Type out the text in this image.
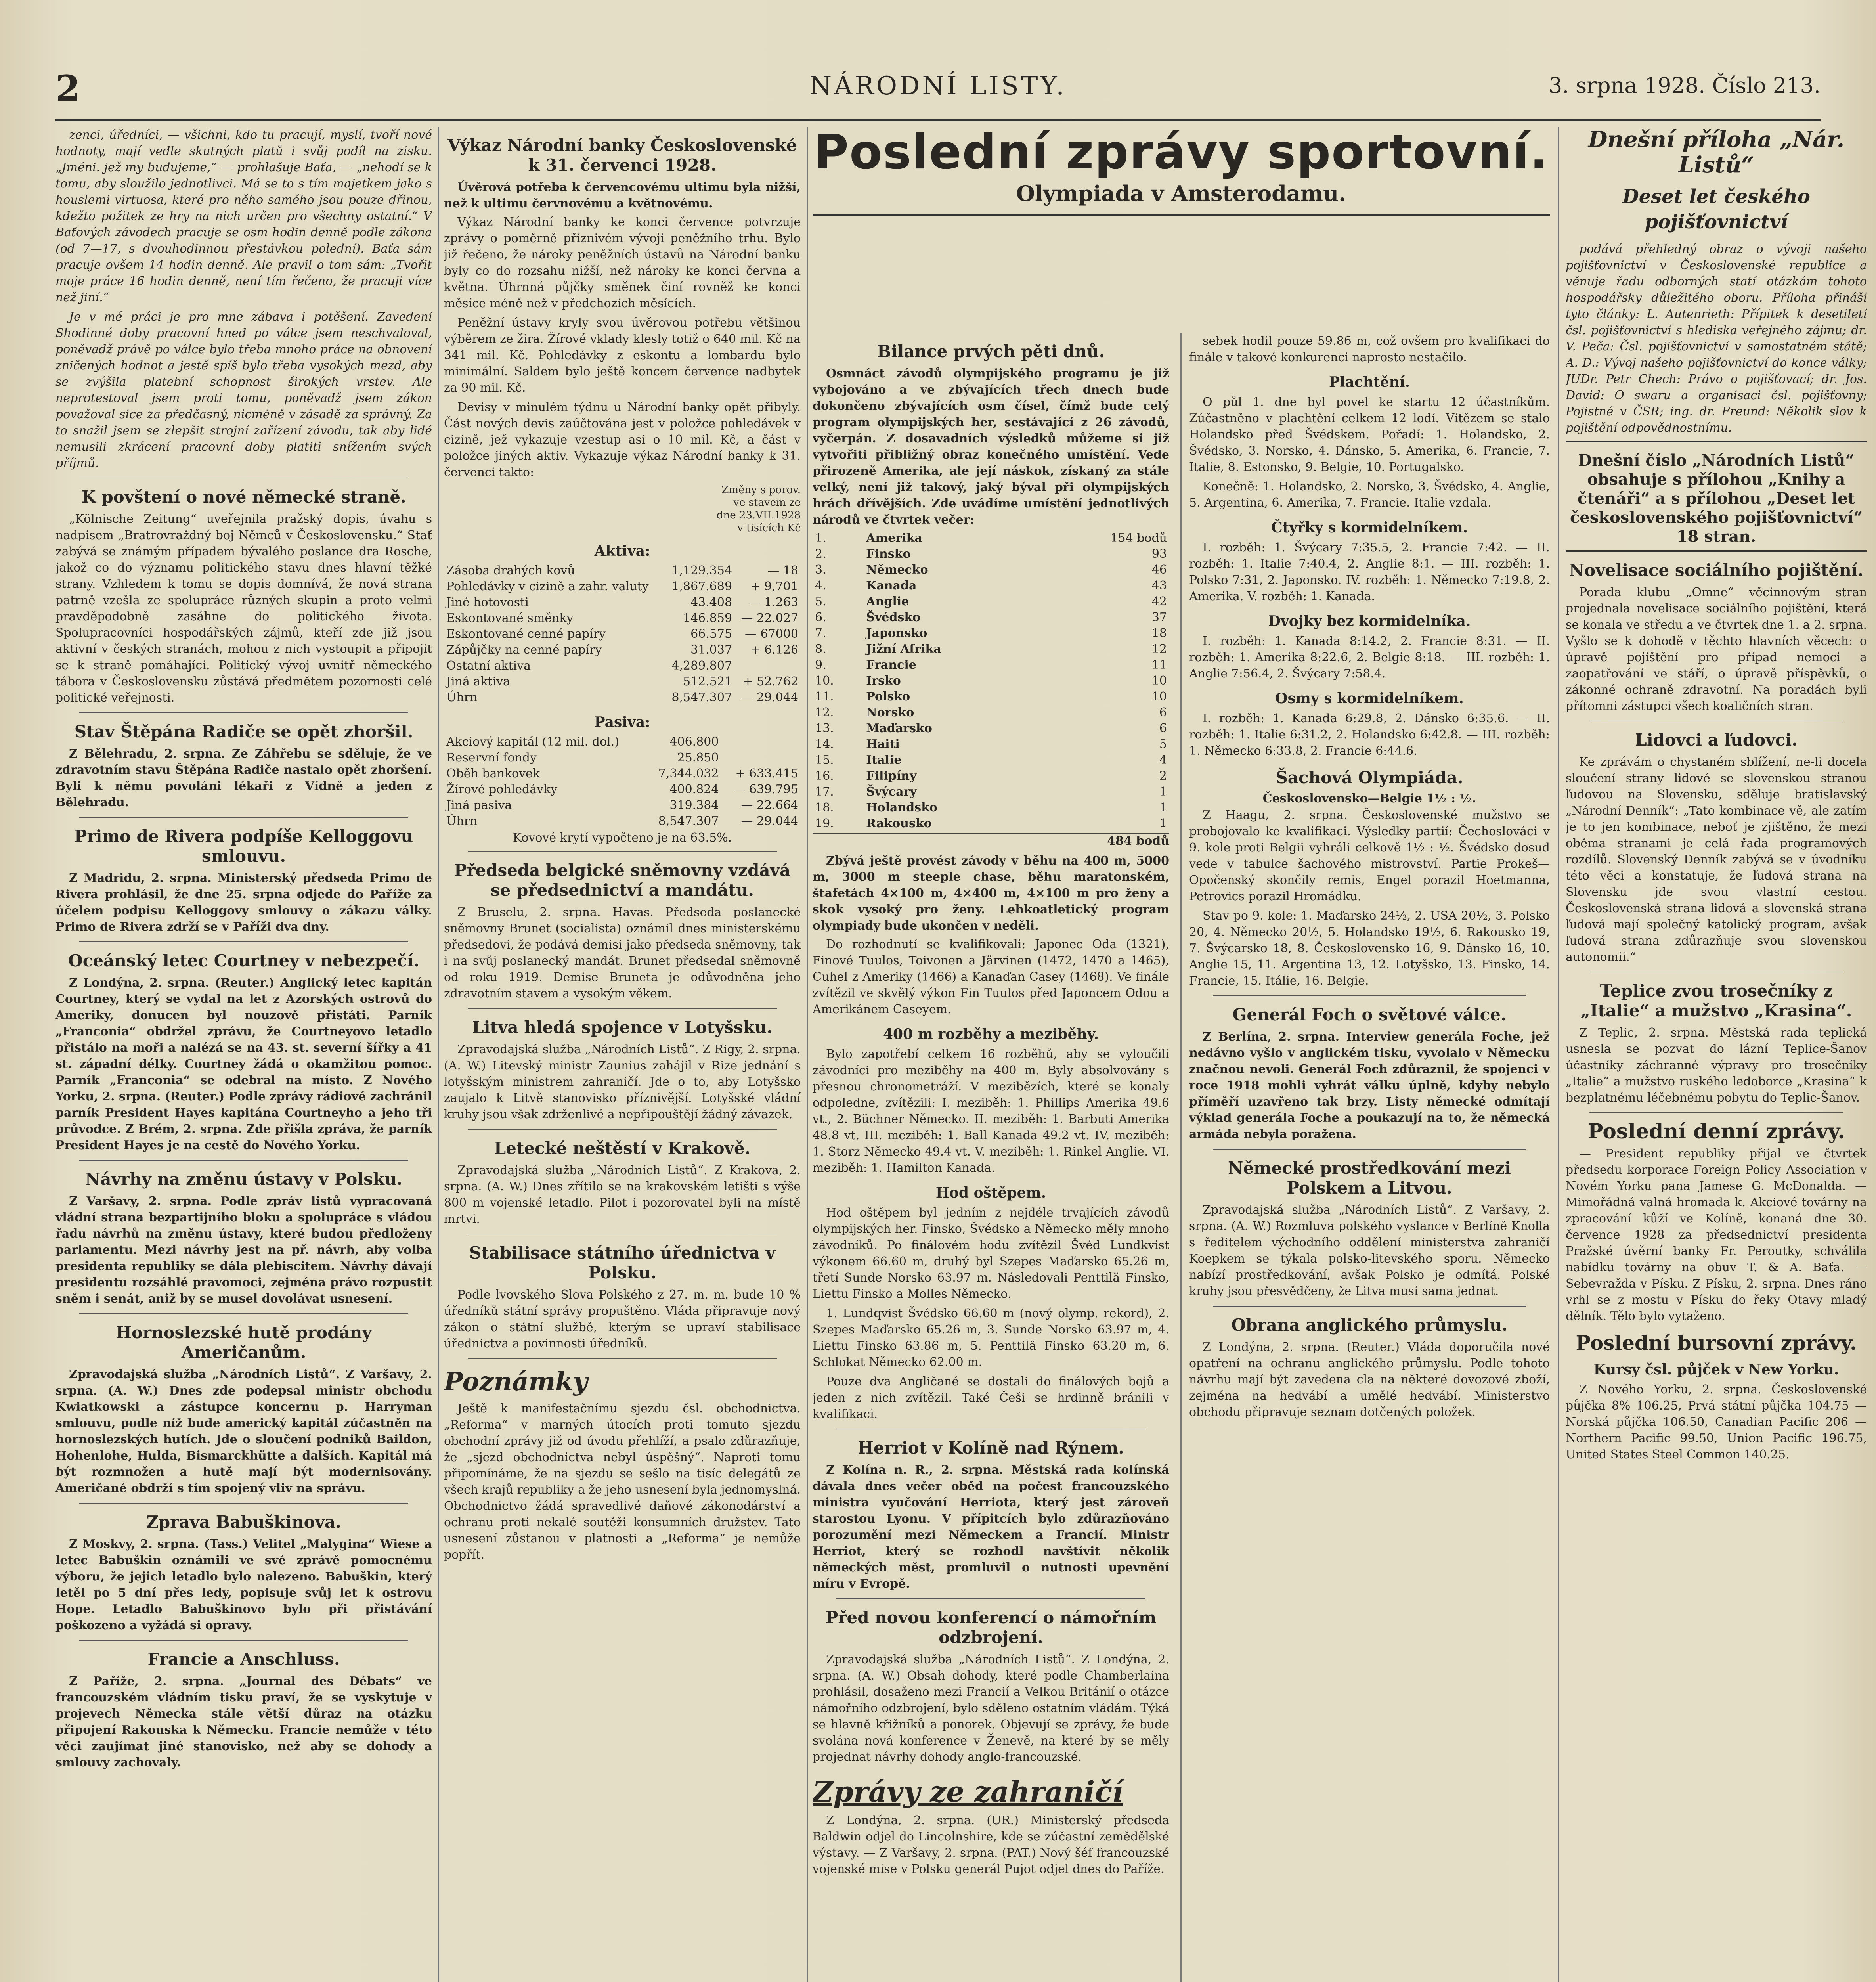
2	NÁRODNÍ LISTY.	3. srpna 1928. Číslo 213.

zenci, úředníci, — všichni, kdo tu pracují, myslí, tvoří nové hodnoty, mají vedle skutných platů i svůj podíl na zisku. „Jméni. jež my budujeme,“ — prohlašuje Baťa, — „nehodí se k tomu, aby sloužilo jednotlivci. Má se to s tím majetkem jako s houslemi virtuosa, které pro něho samého jsou pouze dřinou, kdežto požitek ze hry na nich určen pro všechny ostatní.“ V Baťových závodech pracuje se osm hodin denně podle zákona (od 7—17, s dvouhodinnou přestávkou polední). Baťa sám pracuje ovšem 14 hodin denně. Ale pravil o tom sám: „Tvořit moje práce 16 hodin denně, není tím řečeno, že pracuji více než jiní.“

Je v mé práci je pro mne zábava i potěšení. Zavedení Shodinné doby pracovní hned po válce jsem neschvaloval, poněvadž právě po válce bylo třeba mnoho práce na obnovení zničených hodnot a jestě spíš bylo třeba vysokých mezd, aby se zvýšila platební schopnost širokých vrstev. Ale neprotestoval jsem proti tomu, poněvadž jsem zákon považoval sice za předčasný, nicméně v zásadě za správný. Za to snažil jsem se zlepšit strojní zařízení závodu, tak aby lidé nemusili zkrácení pracovní doby platiti snížením svých příjmů.

K povštení o nové německé straně.

„Kölnische Zeitung“ uveřejnila pražský dopis, úvahu s nadpisem „Bratrovraždný boj Němců v Československu.“ Stať zabývá se známým případem bývalého poslance dra Rosche, jakož co do významu politického stavu dnes hlavní těžké strany. Vzhledem k tomu se dopis domnívá, že nová strana patrně vzešla ze spolupráce různých skupin a proto velmi pravděpodobně zasáhne do politického života. Spolupracovníci hospodářských zájmů, kteří zde již jsou aktivní v českých stranách, mohou z nich vystoupit a připojit se k straně pomáhající. Politický vývoj uvnitř německého tábora v Československu zůstává předmětem pozornosti celé politické veřejnosti.

Stav Štěpána Radiče se opět zhoršil.

Z Bělehradu, 2. srpna. Ze Záhřebu se sděluje, že ve zdravotním stavu Štěpána Radiče nastalo opět zhoršení. Byli k němu povoláni lékaři z Vídně a jeden z Bělehradu.

Primo de Rivera podpíše Kelloggovu smlouvu.

Z Madridu, 2. srpna. Ministerský předseda Primo de Rivera prohlásil, že dne 25. srpna odjede do Paříže za účelem podpisu Kelloggovy smlouvy o zákazu války. Primo de Rivera zdrží se v Paříži dva dny.

Oceánský letec Courtney v nebezpečí.

Z Londýna, 2. srpna. (Reuter.) Anglický letec kapitán Courtney, který se vydal na let z Azorských ostrovů do Ameriky, donucen byl nouzově přistáti. Parník „Franconia“ obdržel zprávu, že Courtneyovo letadlo přistálo na moři a nalézá se na 43. st. severní šířky a 41 st. západní délky. Courtney žádá o okamžitou pomoc. Parník „Franconia“ se odebral na místo. Z Nového Yorku, 2. srpna. (Reuter.) Podle zprávy rádiové zachránil parník President Hayes kapitána Courtneyho a jeho tři průvodce. Z Brém, 2. srpna. Zde přišla zpráva, že parník President Hayes je na cestě do Nového Yorku.

Návrhy na změnu ústavy v Polsku.

Z Varšavy, 2. srpna. Podle zpráv listů vypracovaná vládní strana bezpartijního bloku a spolupráce s vládou řadu návrhů na změnu ústavy, které budou předloženy parlamentu. Mezi návrhy jest na př. návrh, aby volba presidenta republiky se dála plebiscitem. Návrhy dávají presidentu rozsáhlé pravomoci, zejména právo rozpustit sněm i senát, aniž by se musel dovolávat usnesení.

Hornoslezské hutě prodány Američanům.

Zpravodajská služba „Národních Listů“. Z Varšavy, 2. srpna. (A. W.) Dnes zde podepsal ministr obchodu Kwiatkowski a zástupce koncernu p. Harryman smlouvu, podle níž bude americký kapitál zúčastněn na hornoslezských hutích. Jde o sloučení podniků Baildon, Hohenlohe, Hulda, Bismarckhütte a dalších. Kapitál má být rozmnožen a hutě mají být modernisovány. Američané obdrží s tím spojený vliv na správu.

Zprava Babuškinova.

Z Moskvy, 2. srpna. (Tass.) Velitel „Malygina“ Wiese a letec Babuškin oznámili ve své zprávě pomocnému výboru, že jejich letadlo bylo nalezeno. Babuškin, který letěl po 5 dní přes ledy, popisuje svůj let k ostrovu Hope. Letadlo Babuškinovo bylo při přistávání poškozeno a vyžádá si opravy.

Francie a Anschluss.

Z Paříže, 2. srpna. „Journal des Débats“ ve francouzském vládním tisku praví, že se vyskytuje v projevech Německa stále větší důraz na otázku připojení Rakouska k Německu. Francie nemůže v této věci zaujímat jiné stanovisko, než aby se dohody a smlouvy zachovaly.

Výkaz Národní banky Československé k 31. červenci 1928.

Úvěrová potřeba k červencovému ultimu byla nižší, než k ultimu červnovému a květnovému.

Výkaz Národní banky ke konci července potvrzuje zprávy o poměrně příznivém vývoji peněžního trhu. Bylo již řečeno, že nároky peněžních ústavů na Národní banku byly co do rozsahu nižší, než nároky ke konci června a května. Úhrnná půjčky směnek činí rovněž ke konci měsíce méně než v předchozích měsících.

Peněžní ústavy kryly svou úvěrovou potřebu většinou výběrem ze žira. Žírové vklady klesly totiž o 640 mil. Kč na 341 mil. Kč. Pohledávky z eskontu a lombardu bylo minimální. Saldem bylo ještě koncem července nadbytek za 90 mil. Kč.

Devisy v minulém týdnu u Národní banky opět přibyly. Část nových devis zaúčtována jest v položce pohledávek v cizině, jež vykazuje vzestup asi o 10 mil. Kč, a část v položce jiných aktiv. Vykazuje výkaz Národní banky k 31. červenci takto:

Změny s porov.
ve stavem ze
dne 23.VII.1928
v tisících Kč
Aktiva:
Zásoba drahých kovů	1,129.354	— 18
Pohledávky v cizině a zahr. valuty	1,867.689	+ 9,701
Jiné hotovosti	43.408	— 1.263
Eskontované směnky	146.859	— 22.027
Eskontované cenné papíry	66.575	— 67000
Zápůjčky na cenné papíry	31.037	+ 6.126
Ostatní aktiva	4,289.807	
Jiná aktiva	512.521	+ 52.762
Úhrn	8,547.307	— 29.044
Pasiva:
Akciový kapitál (12 mil. dol.)	406.800	
Reservní fondy	25.850	
Oběh bankovek	7,344.032	+ 633.415
Žírové pohledávky	400.824	— 639.795
Jiná pasiva	319.384	— 22.664
Úhrn	8,547.307	— 29.044

Kovové krytí vypočteno je na 63.5%.

Předseda belgické sněmovny vzdává se předsednictví a mandátu.

Z Bruselu, 2. srpna. Havas. Předseda poslanecké sněmovny Brunet (socialista) oznámil dnes ministerskému předsedovi, že podává demisi jako předseda sněmovny, tak i na svůj poslanecký mandát. Brunet předsedal sněmovně od roku 1919. Demise Bruneta je odůvodněna jeho zdravotním stavem a vysokým věkem.

Litva hledá spojence v Lotyšsku.

Zpravodajská služba „Národních Listů“. Z Rigy, 2. srpna. (A. W.) Litevský ministr Zaunius zahájil v Rize jednání s lotyšským ministrem zahraničí. Jde o to, aby Lotyšsko zaujalo k Litvě stanovisko příznivější. Lotyšské vládní kruhy jsou však zdrženlivé a nepřipouštějí žádný závazek.

Letecké neštěstí v Krakově.

Zpravodajská služba „Národních Listů“. Z Krakova, 2. srpna. (A. W.) Dnes zřítilo se na krakovském letišti s výše 800 m vojenské letadlo. Pilot i pozorovatel byli na místě mrtvi.

Stabilisace státního úřednictva v Polsku.

Podle lvovského Slova Polského z 27. m. m. bude 10 % úředníků státní správy propuštěno. Vláda připravuje nový zákon o státní službě, kterým se upraví stabilisace úřednictva a povinnosti úředníků.

Poznámky

Ještě k manifestačnímu sjezdu čsl. obchodnictva. „Reforma“ v marných útocích proti tomuto sjezdu obchodní zprávy již od úvodu přehlíží, a psalo zdůrazňuje, že „sjezd obchodnictva nebyl úspěšný“. Naproti tomu připomínáme, že na sjezdu se sešlo na tisíc delegátů ze všech krajů republiky a že jeho usnesení byla jednomyslná. Obchodnictvo žádá spravedlivé daňové zákonodárství a ochranu proti nekalé soutěži konsumních družstev. Tato usnesení zůstanou v platnosti a „Reforma“ je nemůže popřít.

Poslední zprávy sportovní.
Olympiada v Amsterodamu.
Bilance prvých pěti dnů.

Osmnáct závodů olympijského programu je již vybojováno a ve zbývajících třech dnech bude dokončeno zbývajících osm čísel, čímž bude celý program olympijských her, sestávající z 26 závodů, vyčerpán. Z dosavadních výsledků můžeme si již vytvořiti přibližný obraz konečného umístění. Vede přirozeně Amerika, ale její náskok, získaný za stále velký, není již takový, jaký býval při olympijských hrách dřívějších. Zde uvádíme umístění jednotlivých národů ve čtvrtek večer:

1.	Amerika	154 bodů
2.	Finsko	93
3.	Německo	46
4.	Kanada	43
5.	Anglie	42
6.	Švédsko	37
7.	Japonsko	18
8.	Jižní Afrika	12
9.	Francie	11
10.	Irsko	10
11.	Polsko	10
12.	Norsko	6
13.	Maďarsko	6
14.	Haiti	5
15.	Italie	4
16.	Filipíny	2
17.	Švýcary	1
18.	Holandsko	1
19.	Rakousko	1
484 bodů

Zbývá ještě provést závody v běhu na 400 m, 5000 m, 3000 m steeple chase, běhu maratonském, štafetách 4×100 m, 4×400 m, 4×100 m pro ženy a skok vysoký pro ženy. Lehkoatletický program olympiady bude ukončen v neděli.

Do rozhodnutí se kvalifikovali: Japonec Oda (1321), Finové Tuulos, Toivonen a Järvinen (1472, 1470 a 1465), Cuhel z Ameriky (1466) a Kanaďan Casey (1468). Ve finále zvítězil ve skvělý výkon Fin Tuulos před Japoncem Odou a Amerikánem Caseyem.

400 m rozběhy a meziběhy.

Bylo zapotřebí celkem 16 rozběhů, aby se vyloučili závodníci pro meziběhy na 400 m. Byly absolvovány s přesnou chronometráží. V mezibězích, které se konaly odpoledne, zvítězili: I. meziběh: 1. Phillips Amerika 49.6 vt., 2. Büchner Německo. II. meziběh: 1. Barbuti Amerika 48.8 vt. III. meziběh: 1. Ball Kanada 49.2 vt. IV. meziběh: 1. Storz Německo 49.4 vt. V. meziběh: 1. Rinkel Anglie. VI. meziběh: 1. Hamilton Kanada.

Hod oštěpem.

Hod oštěpem byl jedním z nejdéle trvajících závodů olympijských her. Finsko, Švédsko a Německo měly mnoho závodníků. Po finálovém hodu zvítězil Švéd Lundkvist výkonem 66.60 m, druhý byl Szepes Maďarsko 65.26 m, třetí Sunde Norsko 63.97 m. Následovali Penttilä Finsko, Liettu Finsko a Molles Německo.

1. Lundqvist Švédsko 66.60 m (nový olymp. rekord), 2. Szepes Maďarsko 65.26 m, 3. Sunde Norsko 63.97 m, 4. Liettu Finsko 63.86 m, 5. Penttilä Finsko 63.20 m, 6. Schlokat Německo 62.00 m.

Pouze dva Angličané se dostali do finálových bojů a jeden z nich zvítězil. Také Češi se hrdinně bránili v kvalifikaci.

Herriot v Kolíně nad Rýnem.

Z Kolína n. R., 2. srpna. Městská rada kolínská dávala dnes večer oběd na počest francouzského ministra vyučování Herriota, který jest zároveň starostou Lyonu. V přípitcích bylo zdůrazňováno porozumění mezi Německem a Francií. Ministr Herriot, který se rozhodl navštívit několik německých měst, promluvil o nutnosti upevnění míru v Evropě.

Před novou konferencí o námořním odzbrojení.

Zpravodajská služba „Národních Listů“. Z Londýna, 2. srpna. (A. W.) Obsah dohody, které podle Chamberlaina prohlásil, dosaženo mezi Francií a Velkou Británií o otázce námořního odzbrojení, bylo sděleno ostatním vládám. Týká se hlavně křižníků a ponorek. Objevují se zprávy, že bude svolána nová konference v Ženevě, na které by se měly projednat návrhy dohody anglo-francouzské.

Zprávy ze zahraničí

Z Londýna, 2. srpna. (UR.) Ministerský předseda Baldwin odjel do Lincolnshire, kde se zúčastní zemědělské výstavy. — Z Varšavy, 2. srpna. (PAT.) Nový šéf francouzské vojenské mise v Polsku generál Pujot odjel dnes do Paříže.

sebek hodil pouze 59.86 m, což ovšem pro kvalifikaci do finále v takové konkurenci naprosto nestačilo.

Plachtění.

O půl 1. dne byl povel ke startu 12 účastníkům. Zúčastněno v plachtění celkem 12 lodí. Vítězem se stalo Holandsko před Švédskem. Pořadí: 1. Holandsko, 2. Švédsko, 3. Norsko, 4. Dánsko, 5. Amerika, 6. Francie, 7. Italie, 8. Estonsko, 9. Belgie, 10. Portugalsko.

Konečně: 1. Holandsko, 2. Norsko, 3. Švédsko, 4. Anglie, 5. Argentina, 6. Amerika, 7. Francie. Italie vzdala.

Čtyřky s kormidelníkem.

I. rozběh: 1. Švýcary 7:35.5, 2. Francie 7:42. — II. rozběh: 1. Italie 7:40.4, 2. Anglie 8:1. — III. rozběh: 1. Polsko 7:31, 2. Japonsko. IV. rozběh: 1. Německo 7:19.8, 2. Amerika. V. rozběh: 1. Kanada.

Dvojky bez kormidelníka.

I. rozběh: 1. Kanada 8:14.2, 2. Francie 8:31. — II. rozběh: 1. Amerika 8:22.6, 2. Belgie 8:18. — III. rozběh: 1. Anglie 7:56.4, 2. Švýcary 7:58.4.

Osmy s kormidelníkem.

I. rozběh: 1. Kanada 6:29.8, 2. Dánsko 6:35.6. — II. rozběh: 1. Italie 6:31.2, 2. Holandsko 6:42.8. — III. rozběh: 1. Německo 6:33.8, 2. Francie 6:44.6.

Šachová Olympiáda.
Československo—Belgie 1½ : ½.

Z Haagu, 2. srpna. Československé mužstvo se probojovalo ke kvalifikaci. Výsledky partií: Čechoslováci v 9. kole proti Belgii vyhráli celkově 1½ : ½. Švédsko dosud vede v tabulce šachového mistrovství. Partie Prokeš—Opočenský skončily remis, Engel porazil Hoetmanna, Petrovics porazil Hromádku.

Stav po 9. kole: 1. Maďarsko 24½, 2. USA 20½, 3. Polsko 20, 4. Německo 20½, 5. Holandsko 19½, 6. Rakousko 19, 7. Švýcarsko 18, 8. Československo 16, 9. Dánsko 16, 10. Anglie 15, 11. Argentina 13, 12. Lotyšsko, 13. Finsko, 14. Francie, 15. Itálie, 16. Belgie.

Generál Foch o světové válce.

Z Berlína, 2. srpna. Interview generála Foche, jež nedávno vyšlo v anglickém tisku, vyvolalo v Německu značnou nevoli. Generál Foch zdůraznil, že spojenci v roce 1918 mohli vyhrát válku úplně, kdyby nebylo příměří uzavřeno tak brzy. Listy německé odmítají výklad generála Foche a poukazují na to, že německá armáda nebyla poražena.

Německé prostředkování mezi Polskem a Litvou.

Zpravodajská služba „Národních Listů“. Z Varšavy, 2. srpna. (A. W.) Rozmluva polského vyslance v Berlíně Knolla s ředitelem východního oddělení ministerstva zahraničí Koepkem se týkala polsko-litevského sporu. Německo nabízí prostředkování, avšak Polsko je odmítá. Polské kruhy jsou přesvědčeny, že Litva musí sama jednat.

Obrana anglického průmyslu.

Z Londýna, 2. srpna. (Reuter.) Vláda doporučila nové opatření na ochranu anglického průmyslu. Podle tohoto návrhu mají být zavedena cla na některé dovozové zboží, zejména na hedvábí a umělé hedvábí. Ministerstvo obchodu připravuje seznam dotčených položek.

Dnešní příloha „Nár. Listů“
Deset let českého pojišťovnictví

podává přehledný obraz o vývoji našeho pojišťovnictví v Československé republice a věnuje řadu odborných statí otázkám tohoto hospodářsky důležitého oboru. Příloha přináší tyto články: L. Autenrieth: Přípitek k desetiletí čsl. pojišťovnictví s hlediska veřejného zájmu; dr. V. Peča: Čsl. pojišťovnictví v samostatném státě; A. D.: Vývoj našeho pojišťovnictví do konce války; JUDr. Petr Chech: Právo o pojišťovací; dr. Jos. David: O swaru a organisaci čsl. pojišťovny; Pojistné v ČSR; ing. dr. Freund: Několik slov k pojištění odpovědnostnímu.

Dnešní číslo „Národních Listů“ obsahuje s přílohou „Knihy a čtenáři“ a s přílohou „Deset let československého pojišťovnictví“ 18 stran.
Novelisace sociálního pojištění.

Porada klubu „Omne“ věcinnovým stran projednala novelisace sociálního pojištění, která se konala ve středu a ve čtvrtek dne 1. a 2. srpna. Vyšlo se k dohodě v těchto hlavních věcech: o úpravě pojištění pro případ nemoci a zaopatřování ve stáří, o úpravě příspěvků, o zákonné ochraně zdravotní. Na poradách byli přítomni zástupci všech koaličních stran.

Lidovci a ľudovci.

Ke zprávám o chystaném sblížení, ne-li docela sloučení strany lidové se slovenskou stranou ľudovou na Slovensku, sděluje bratislavský „Národní Denník“: „Tato kombinace vě, ale zatím je to jen kombinace, neboť je zjištěno, že mezi oběma stranami je celá řada programových rozdílů. Slovenský Denník zabývá se v úvodníku této věci a konstatuje, že ľudová strana na Slovensku jde svou vlastní cestou. Československá strana lidová a slovenská strana ľudová mají společný katolický program, avšak ľudová strana zdůrazňuje svou slovenskou autonomii.“

Teplice zvou trosečníky z „Italie“ a mužstvo „Krasina“.

Z Teplic, 2. srpna. Městská rada teplická usnesla se pozvat do lázní Teplice-Šanov účastníky záchranné výpravy pro trosečníky „Italie“ a mužstvo ruského ledoborce „Krasina“ k bezplatnému léčebnému pobytu do Teplic-Šanov.

Poslední denní zprávy.

— President republiky přijal ve čtvrtek předsedu korporace Foreign Policy Association v Novém Yorku pana Jamese G. McDonalda. — Mimořádná valná hromada k. Akciové továrny na zpracování kůží ve Kolíně, konaná dne 30. července 1928 za předsednictví presidenta Pražské úvěrní banky Fr. Peroutky, schválila nabídku továrny na obuv T. & A. Baťa. — Sebevražda v Písku. Z Písku, 2. srpna. Dnes ráno vrhl se z mostu v Písku do řeky Otavy mladý dělník. Tělo bylo vytaženo.

Poslední bursovní zprávy.
Kursy čsl. půjček v New Yorku.

Z Nového Yorku, 2. srpna. Československé půjčka 8% 106.25, Prvá státní půjčka 104.75 — Norská půjčka 106.50, Canadian Pacific 206 — Northern Pacific 99.50, Union Pacific 196.75, United States Steel Common 140.25.
